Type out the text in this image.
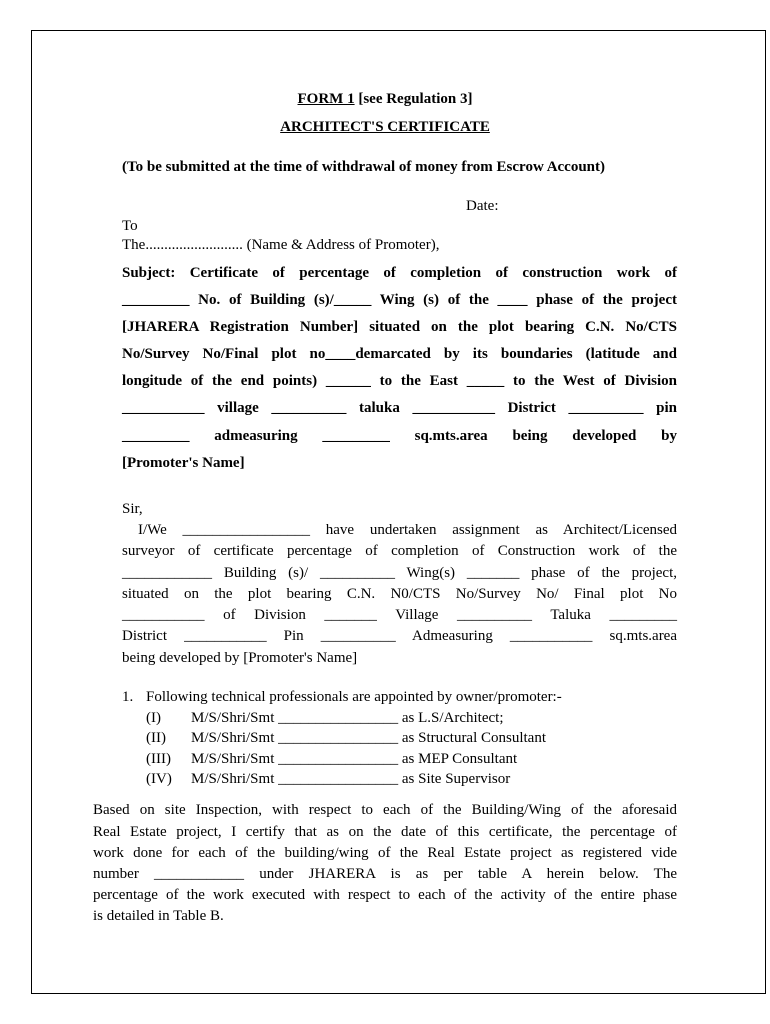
FORM 1 [see Regulation 3]
ARCHITECT'S CERTIFICATE
(To be submitted at the time of withdrawal of money from Escrow Account)
Date:
To
The.......................... (Name & Address of Promoter),
Subject: Certificate of percentage of completion of construction work of
_________ No. of Building (s)/_____ Wing (s) of the ____ phase of the project
[JHARERA Registration Number] situated on the plot bearing C.N. No/CTS
No/Survey No/Final plot no____demarcated by its boundaries (latitude and
longitude of the end points) ______ to the East _____ to the West of Division
___________ village __________ taluka ___________ District __________ pin
_________ admeasuring _________ sq.mts.area being developed by
[Promoter's Name]
Sir,
I/We _________________ have undertaken assignment as Architect/Licensed
surveyor of certificate percentage of completion of Construction work of the
____________ Building (s)/ __________ Wing(s) _______ phase of the project,
situated on the plot bearing C.N. N0/CTS No/Survey No/ Final plot No
___________ of Division _______ Village __________ Taluka _________
District ___________ Pin __________ Admeasuring ___________ sq.mts.area
being developed by [Promoter's Name]
1. Following technical professionals are appointed by owner/promoter:-
(I) M/S/Shri/Smt ________________ as L.S/Architect;
(II) M/S/Shri/Smt ________________ as Structural Consultant
(III) M/S/Shri/Smt ________________ as MEP Consultant
(IV) M/S/Shri/Smt ________________ as Site Supervisor
Based on site Inspection, with respect to each of the Building/Wing of the aforesaid
Real Estate project, I certify that as on the date of this certificate, the percentage of
work done for each of the building/wing of the Real Estate project as registered vide
number ____________ under JHARERA is as per table A herein below. The
percentage of the work executed with respect to each of the activity of the entire phase
is detailed in Table B.
